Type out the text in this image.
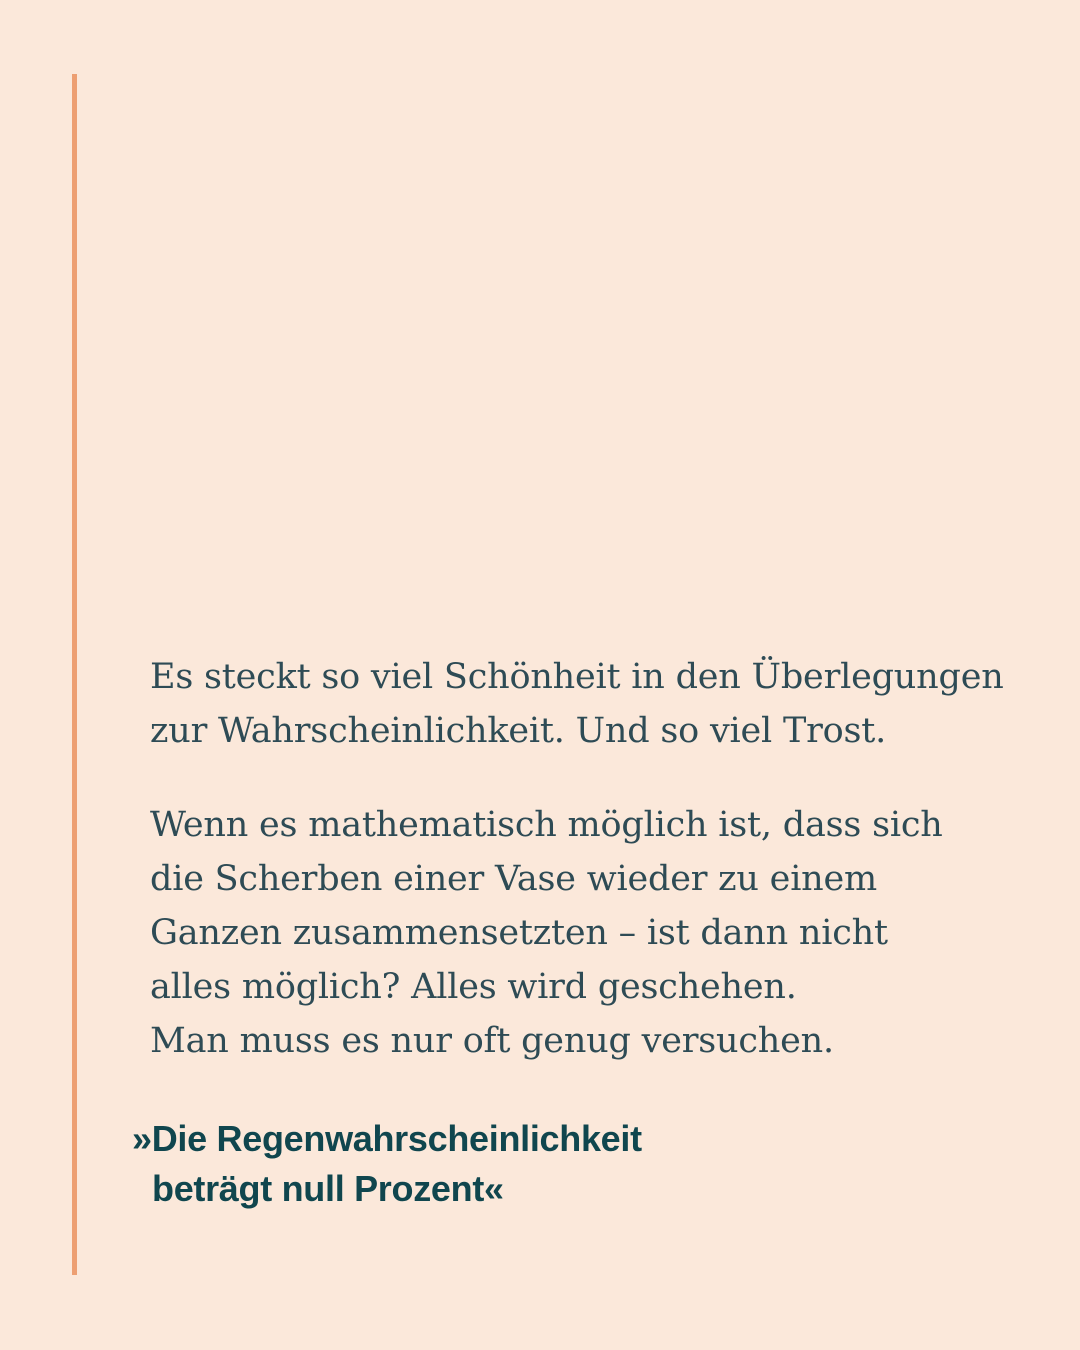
Es steckt so viel Schönheit in den Überlegungen
zur Wahrscheinlichkeit. Und so viel Trost.

Wenn es mathematisch möglich ist, dass sich
die Scherben einer Vase wieder zu einem
Ganzen zusammensetzten – ist dann nicht
alles möglich? Alles wird geschehen.
Man muss es nur oft genug versuchen.

»Die Regenwahrscheinlichkeit
beträgt null Prozent«
